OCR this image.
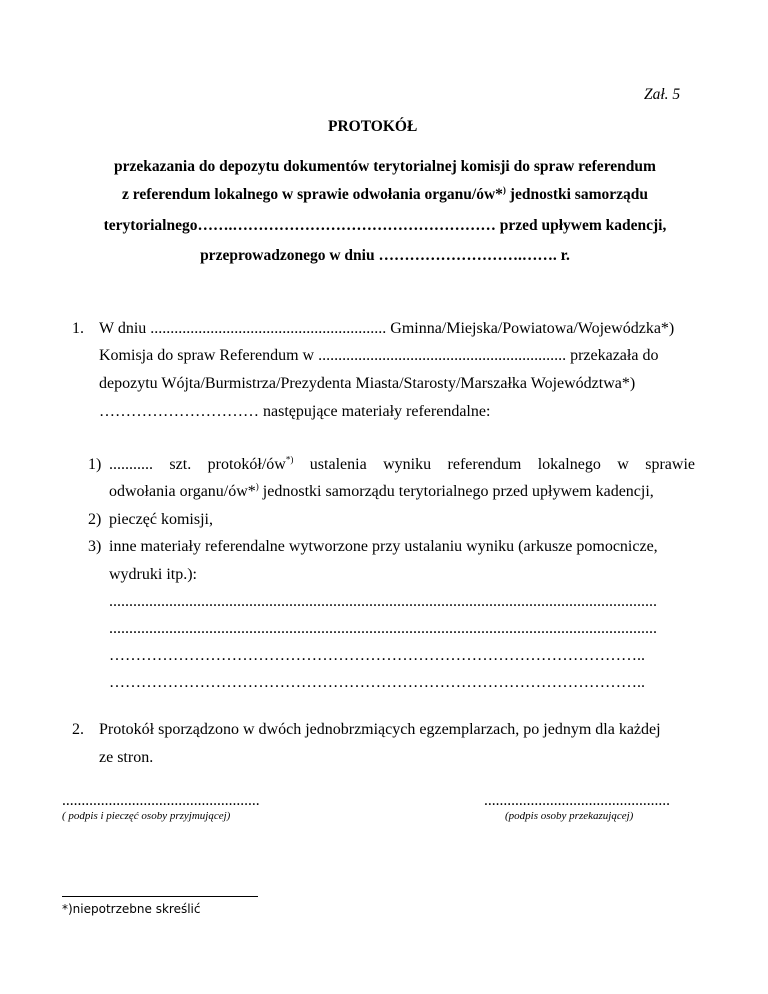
Zał. 5

PROTOKÓŁ

przekazania do depozytu dokumentów terytorialnej komisji do spraw referendum

z referendum lokalnego w sprawie odwołania organu/ów*) jednostki samorządu

terytorialnego…….…………………………………………… przed upływem kadencji,

przeprowadzonego w dniu ……………………….……. r.

1. W dniu ........................................................... Gminna/Miejska/Powiatowa/Wojewódzka*)

Komisja do spraw Referendum w .............................................................. przekazała do

depozytu Wójta/Burmistrza/Prezydenta Miasta/Starosty/Marszałka Województwa*)

………………………… następujące materiały referendalne:

1) ........... szt. protokół/ów*) ustalenia wyniku referendum lokalnego w sprawie

odwołania organu/ów*) jednostki samorządu terytorialnego przed upływem kadencji,

2) pieczęć komisji,

3) inne materiały referendalne wytworzone przy ustalaniu wyniku (arkusze pomocnicze,

wydruki itp.):

.........................................................................................................................................

.........................................................................................................................................

………………………………………………………………………………………..

………………………………………………………………………………………..

2. Protokół sporządzono w dwóch jednobrzmiących egzemplarzach, po jednym dla każdej

ze stron.

...................................................

( podpis i pieczęć osoby przyjmującej)

................................................

(podpis osoby przekazującej)

*)niepotrzebne skreślić
